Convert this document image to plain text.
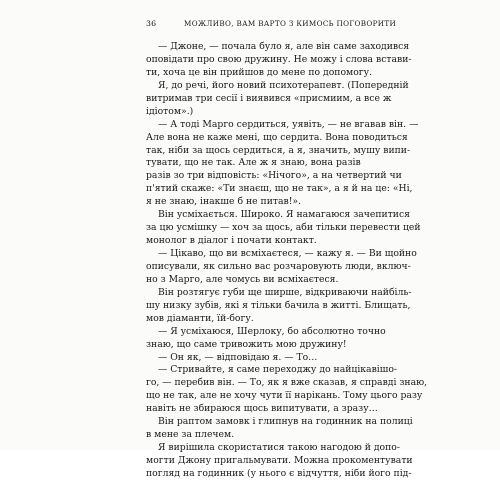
36	МОЖЛИВО, ВАМ ВАРТО З КИМОСЬ ПОГОВОРИТИ
— Джоне, — почала було я, але він саме заходився
оповідати про свою дружину. Не можу і слова встави-
ти, хоча це він прийшов до мене по допомогу.
Я, до речі, його новий психотерапевт. (Попередній
витримав три сесії і виявився «присмиим, а все ж
ідіотом».)
— А тоді Марго сердиться, уявіть, — не вгавав він. —
Але вона не каже мені, що сердита. Вона поводиться
так, ніби за щось сердиться, а я, значить, мушу випи-
тувати, що не так. Але ж я знаю, вона разів
разів зо три відповість: «Нічого», а на четвертий чи
п'ятий скаже: «Ти знаєш, що не так», а я й на це: «Ні,
я не знаю, інакше б не питав!».
Він усміхається. Широко. Я намагаюся зачепитися
за цю усмішку — хоч за щось, аби тільки перевести цей
монолог в діалог і почати контакт.
— Цікаво, що ви всміхаєтеся, — кажу я. — Ви щойно
описували, як сильно вас розчаровують люди, включ-
но з Марго, але чомусь ви всміхаєтеся.
Він розтягує губи ще ширше, відкриваючи найбіль-
шу низку зубів, які я тільки бачила в житті. Блищать,
мов діаманти, їй-богу.
— Я усміхаюся, Шерлоку, бо абсолютно точно
знаю, що саме тривожить мою дружину!
— Он як, — відповідаю я. — То…
— Стривайте, я саме переходжу до найцікавішо-
го, — перебив він. — То, як я вже сказав, я справді знаю,
що не так, але не хочу чути її нарікань. Тому цього разу
навіть не збираюся щось випитувати, а зразу…
Він раптом замовк і глипнув на годинник на полиці
в мене за плечем.
Я вирішила скористатися такою нагодою й допо-
могти Джону пригальмувати. Можна прокоментувати
погляд на годинник (у нього є відчуття, ніби його під-
